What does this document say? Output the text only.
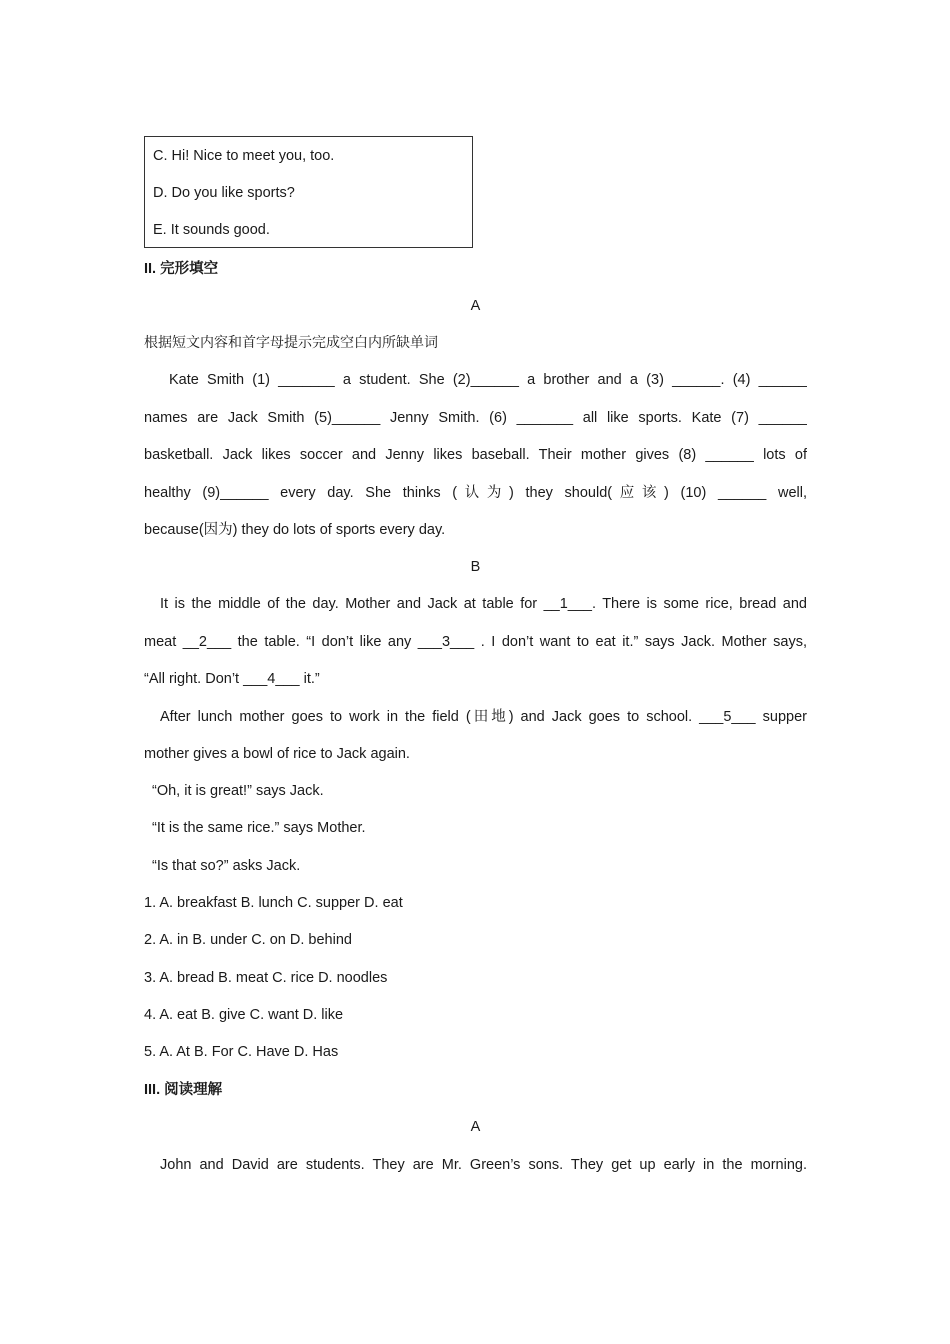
C. Hi! Nice to meet you, too.
D. Do you like sports?
E. It sounds good.
II. 完形填空
A
根据短文内容和首字母提示完成空白内所缺单词
Kate Smith (1) _______ a student. She (2)______ a brother and a (3) ______. (4) ______
names are Jack Smith (5)______ Jenny Smith. (6) _______ all like sports. Kate (7) ______
basketball. Jack likes soccer and Jenny likes baseball. Their mother gives (8) ______ lots of
healthy (9)______ every day. She thinks (认为) they should(应该) (10) ______ well,
because(因为) they do lots of sports every day.
B
It is the middle of the day. Mother and Jack at table for __1___. There is some rice, bread and
meat __2___ the table. “I don’t like any ___3___ . I don’t want to eat it.” says Jack. Mother says,
“All right. Don’t ___4___ it.”
After lunch mother goes to work in the field (田地) and Jack goes to school. ___5___ supper
mother gives a bowl of rice to Jack again.
“Oh, it is great!” says Jack.
“It is the same rice.” says Mother.
“Is that so?” asks Jack.
1. A. breakfast B. lunch C. supper D. eat
2. A. in B. under C. on D. behind
3. A. bread B. meat C. rice D. noodles
4. A. eat B. give C. want D. like
5. A. At B. For C. Have D. Has
III. 阅读理解
A
John and David are students. They are Mr. Green’s sons. They get up early in the morning.
